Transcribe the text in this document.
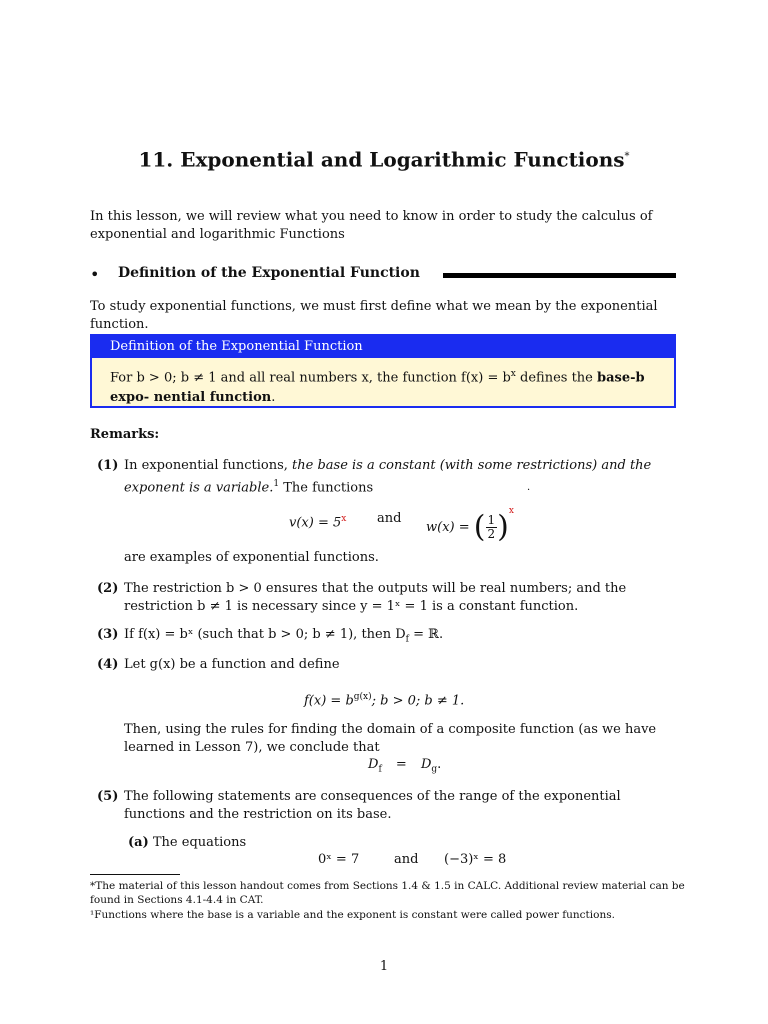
11. Exponential and Logarithmic Functions*
In this lesson, we will review what you need to know in order to study the calculus of exponential and logarithmic Functions
• Definition of the Exponential Function
To study exponential functions, we must first define what we mean by the exponential function.
Definition of the Exponential Function
For b > 0; b ≠ 1 and all real numbers x, the function $f(x) = b^x$ defines the base-b expo- nential function.
Remarks:
(1) In exponential functions, the base is a constant (with some restrictions) and the exponent is a variable.$^1$ The functions	·
$v(x) = 5^x$ and
w(x) = ( $\frac{1}{2} )^x$
are examples of exponential functions.
(2) The restriction b > 0 ensures that the outputs will be real numbers; and the restriction b ≠ 1 is necessary since y = 1ˣ = 1 is a constant function.
(3) If f(x) = bˣ (such that b > 0; b ≠ 1), then $D_f$ = ℝ.
(4) Let g(x) be a function and define
$f(x) = b^{g(x)}$; b > 0; b ≠ 1.
Then, using the rules for finding the domain of a composite function (as we have learned in Lesson 7), we conclude that
$D_f = D_g$.
(5) The following statements are consequences of the range of the exponential functions and the restriction on its base.
(a) The equations
0ˣ = 7	and (−3)ˣ = 8
*The material of this lesson handout comes from Sections 1.4 & 1.5 in CALC. Additional review material can be found in Sections 4.1-4.4 in CAT.
¹Functions where the base is a variable and the exponent is constant were called power functions.
1
